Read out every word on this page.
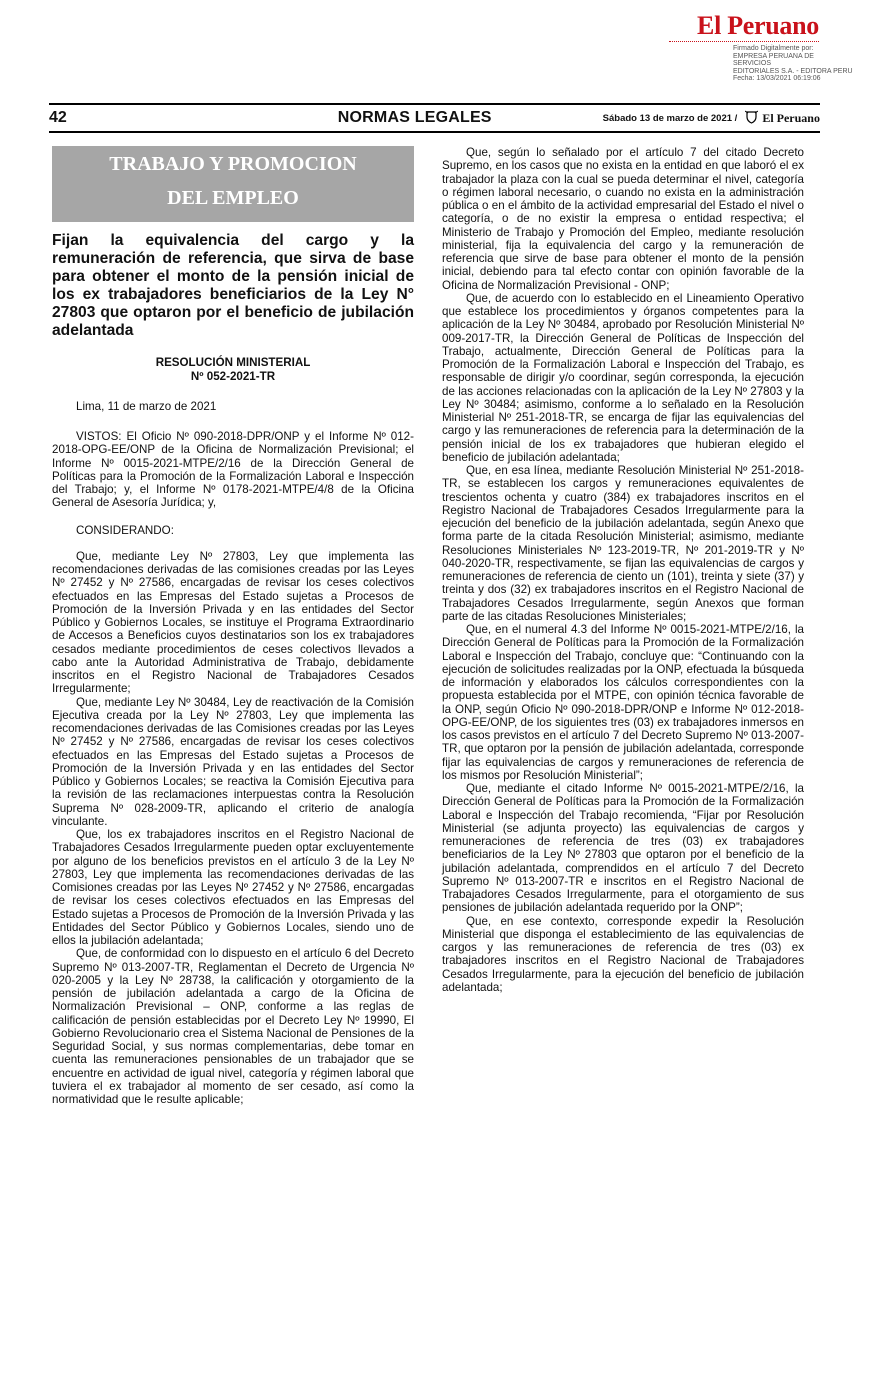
El Peruano
Firmado Digitalmente por:
EMPRESA PERUANA DE SERVICIOS
EDITORIALES S.A. - EDITORA PERU
Fecha: 13/03/2021 06:19:06
42	NORMAS LEGALES	Sábado 13 de marzo de 2021 / El Peruano
TRABAJO Y PROMOCION
DEL EMPLEO
Fijan la equivalencia del cargo y la remuneración de referencia, que sirva de base para obtener el monto de la pensión inicial de los ex trabajadores beneficiarios de la Ley N° 27803 que optaron por el beneficio de jubilación adelantada
RESOLUCIÓN MINISTERIAL
Nº 052-2021-TR
Lima, 11 de marzo de 2021

VISTOS: El Oficio Nº 090-2018-DPR/ONP y el Informe Nº 012-2018-OPG-EE/ONP de la Oficina de Normalización Previsional; el Informe Nº 0015-2021-MTPE/2/16 de la Dirección General de Políticas para la Promoción de la Formalización Laboral e Inspección del Trabajo; y, el Informe Nº 0178-2021-MTPE/4/8 de la Oficina General de Asesoría Jurídica; y,

CONSIDERANDO:

Que, mediante Ley Nº 27803, Ley que implementa las recomendaciones derivadas de las comisiones creadas por las Leyes Nº 27452 y Nº 27586, encargadas de revisar los ceses colectivos efectuados en las Empresas del Estado sujetas a Procesos de Promoción de la Inversión Privada y en las entidades del Sector Público y Gobiernos Locales, se instituye el Programa Extraordinario de Accesos a Beneficios cuyos destinatarios son los ex trabajadores cesados mediante procedimientos de ceses colectivos llevados a cabo ante la Autoridad Administrativa de Trabajo, debidamente inscritos en el Registro Nacional de Trabajadores Cesados Irregularmente;

Que, mediante Ley Nº 30484, Ley de reactivación de la Comisión Ejecutiva creada por la Ley Nº 27803, Ley que implementa las recomendaciones derivadas de las Comisiones creadas por las Leyes Nº 27452 y Nº 27586, encargadas de revisar los ceses colectivos efectuados en las Empresas del Estado sujetas a Procesos de Promoción de la Inversión Privada y en las entidades del Sector Público y Gobiernos Locales; se reactiva la Comisión Ejecutiva para la revisión de las reclamaciones interpuestas contra la Resolución Suprema Nº 028-2009-TR, aplicando el criterio de analogía vinculante.

Que, los ex trabajadores inscritos en el Registro Nacional de Trabajadores Cesados Irregularmente pueden optar excluyentemente por alguno de los beneficios previstos en el artículo 3 de la Ley Nº 27803, Ley que implementa las recomendaciones derivadas de las Comisiones creadas por las Leyes Nº 27452 y Nº 27586, encargadas de revisar los ceses colectivos efectuados en las Empresas del Estado sujetas a Procesos de Promoción de la Inversión Privada y las Entidades del Sector Público y Gobiernos Locales, siendo uno de ellos la jubilación adelantada;

Que, de conformidad con lo dispuesto en el artículo 6 del Decreto Supremo Nº 013-2007-TR, Reglamentan el Decreto de Urgencia Nº 020-2005 y la Ley Nº 28738, la calificación y otorgamiento de la pensión de jubilación adelantada a cargo de la Oficina de Normalización Previsional – ONP, conforme a las reglas de calificación de pensión establecidas por el Decreto Ley Nº 19990, El Gobierno Revolucionario crea el Sistema Nacional de Pensiones de la Seguridad Social, y sus normas complementarias, debe tomar en cuenta las remuneraciones pensionables de un trabajador que se encuentre en actividad de igual nivel, categoría y régimen laboral que tuviera el ex trabajador al momento de ser cesado, así como la normatividad que le resulte aplicable;

Que, según lo señalado por el artículo 7 del citado Decreto Supremo, en los casos que no exista en la entidad en que laboró el ex trabajador la plaza con la cual se pueda determinar el nivel, categoría o régimen laboral necesario, o cuando no exista en la administración pública o en el ámbito de la actividad empresarial del Estado el nivel o categoría, o de no existir la empresa o entidad respectiva; el Ministerio de Trabajo y Promoción del Empleo, mediante resolución ministerial, fija la equivalencia del cargo y la remuneración de referencia que sirve de base para obtener el monto de la pensión inicial, debiendo para tal efecto contar con opinión favorable de la Oficina de Normalización Previsional - ONP;

Que, de acuerdo con lo establecido en el Lineamiento Operativo que establece los procedimientos y órganos competentes para la aplicación de la Ley Nº 30484, aprobado por Resolución Ministerial Nº 009-2017-TR, la Dirección General de Políticas de Inspección del Trabajo, actualmente, Dirección General de Políticas para la Promoción de la Formalización Laboral e Inspección del Trabajo, es responsable de dirigir y/o coordinar, según corresponda, la ejecución de las acciones relacionadas con la aplicación de la Ley Nº 27803 y la Ley Nº 30484; asimismo, conforme a lo señalado en la Resolución Ministerial Nº 251-2018-TR, se encarga de fijar las equivalencias del cargo y las remuneraciones de referencia para la determinación de la pensión inicial de los ex trabajadores que hubieran elegido el beneficio de jubilación adelantada;

Que, en esa línea, mediante Resolución Ministerial Nº 251-2018-TR, se establecen los cargos y remuneraciones equivalentes de trescientos ochenta y cuatro (384) ex trabajadores inscritos en el Registro Nacional de Trabajadores Cesados Irregularmente para la ejecución del beneficio de la jubilación adelantada, según Anexo que forma parte de la citada Resolución Ministerial; asimismo, mediante Resoluciones Ministeriales Nº 123-2019-TR, Nº 201-2019-TR y Nº 040-2020-TR, respectivamente, se fijan las equivalencias de cargos y remuneraciones de referencia de ciento un (101), treinta y siete (37) y treinta y dos (32) ex trabajadores inscritos en el Registro Nacional de Trabajadores Cesados Irregularmente, según Anexos que forman parte de las citadas Resoluciones Ministeriales;

Que, en el numeral 4.3 del Informe Nº 0015-2021-MTPE/2/16, la Dirección General de Políticas para la Promoción de la Formalización Laboral e Inspección del Trabajo, concluye que: “Continuando con la ejecución de solicitudes realizadas por la ONP, efectuada la búsqueda de información y elaborados los cálculos correspondientes con la propuesta establecida por el MTPE, con opinión técnica favorable de la ONP, según Oficio Nº 090-2018-DPR/ONP e Informe Nº 012-2018-OPG-EE/ONP, de los siguientes tres (03) ex trabajadores inmersos en los casos previstos en el artículo 7 del Decreto Supremo Nº 013-2007-TR, que optaron por la pensión de jubilación adelantada, corresponde fijar las equivalencias de cargos y remuneraciones de referencia de los mismos por Resolución Ministerial”;

Que, mediante el citado Informe Nº 0015-2021-MTPE/2/16, la Dirección General de Políticas para la Promoción de la Formalización Laboral e Inspección del Trabajo recomienda, “Fijar por Resolución Ministerial (se adjunta proyecto) las equivalencias de cargos y remuneraciones de referencia de tres (03) ex trabajadores beneficiarios de la Ley Nº 27803 que optaron por el beneficio de la jubilación adelantada, comprendidos en el artículo 7 del Decreto Supremo Nº 013-2007-TR e inscritos en el Registro Nacional de Trabajadores Cesados Irregularmente, para el otorgamiento de sus pensiones de jubilación adelantada requerido por la ONP”;

Que, en ese contexto, corresponde expedir la Resolución Ministerial que disponga el establecimiento de las equivalencias de cargos y las remuneraciones de referencia de tres (03) ex trabajadores inscritos en el Registro Nacional de Trabajadores Cesados Irregularmente, para la ejecución del beneficio de jubilación adelantada;
